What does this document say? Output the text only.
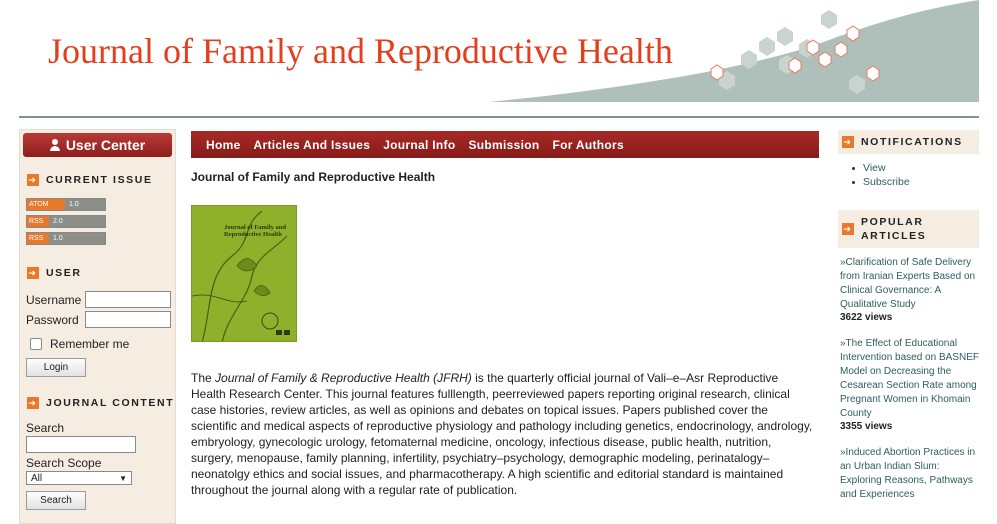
Journal of Family and Reproductive Health
User Center
➔ CURRENT ISSUE
ATOM	1.0
RSS	2.0
RSS	1.0
➔ USER
Username
Password
Remember me
Login
➔ JOURNAL CONTENT
Search
Search Scope
All	▼
Search
Home Articles And Issues Journal Info Submission For Authors
Journal of Family and Reproductive Health
Journal of Family and Reproductive Health
The Journal of Family & Reproductive Health (JFRH) is the quarterly official journal of Vali–e–Asr Reproductive Health Research Center. This journal features fulllength, peerreviewed papers reporting original research, clinical case histories, review articles, as well as opinions and debates on topical issues. Papers published cover the scientific and medical aspects of reproductive physiology and pathology including genetics, endocrinology, andrology, embryology, gynecologic urology, fetomaternal medicine, oncology, infectious disease, public health, nutrition, surgery, menopause, family planning, infertility, psychiatry–psychology, demographic modeling, perinatalogy–neonatolgy ethics and social issues, and pharmacotherapy. A high scientific and editorial standard is maintained throughout the journal along with a regular rate of publication.
➔ NOTIFICATIONS
View
Subscribe
➔
POPULAR
ARTICLES
»Clarification of Safe Delivery from Iranian Experts Based on Clinical Governance: A Qualitative Study
3622 views
»The Effect of Educational Intervention based on BASNEF Model on Decreasing the Cesarean Section Rate among Pregnant Women in Khomain County
3355 views
»Induced Abortion Practices in an Urban Indian Slum: Exploring Reasons, Pathways and Experiences
